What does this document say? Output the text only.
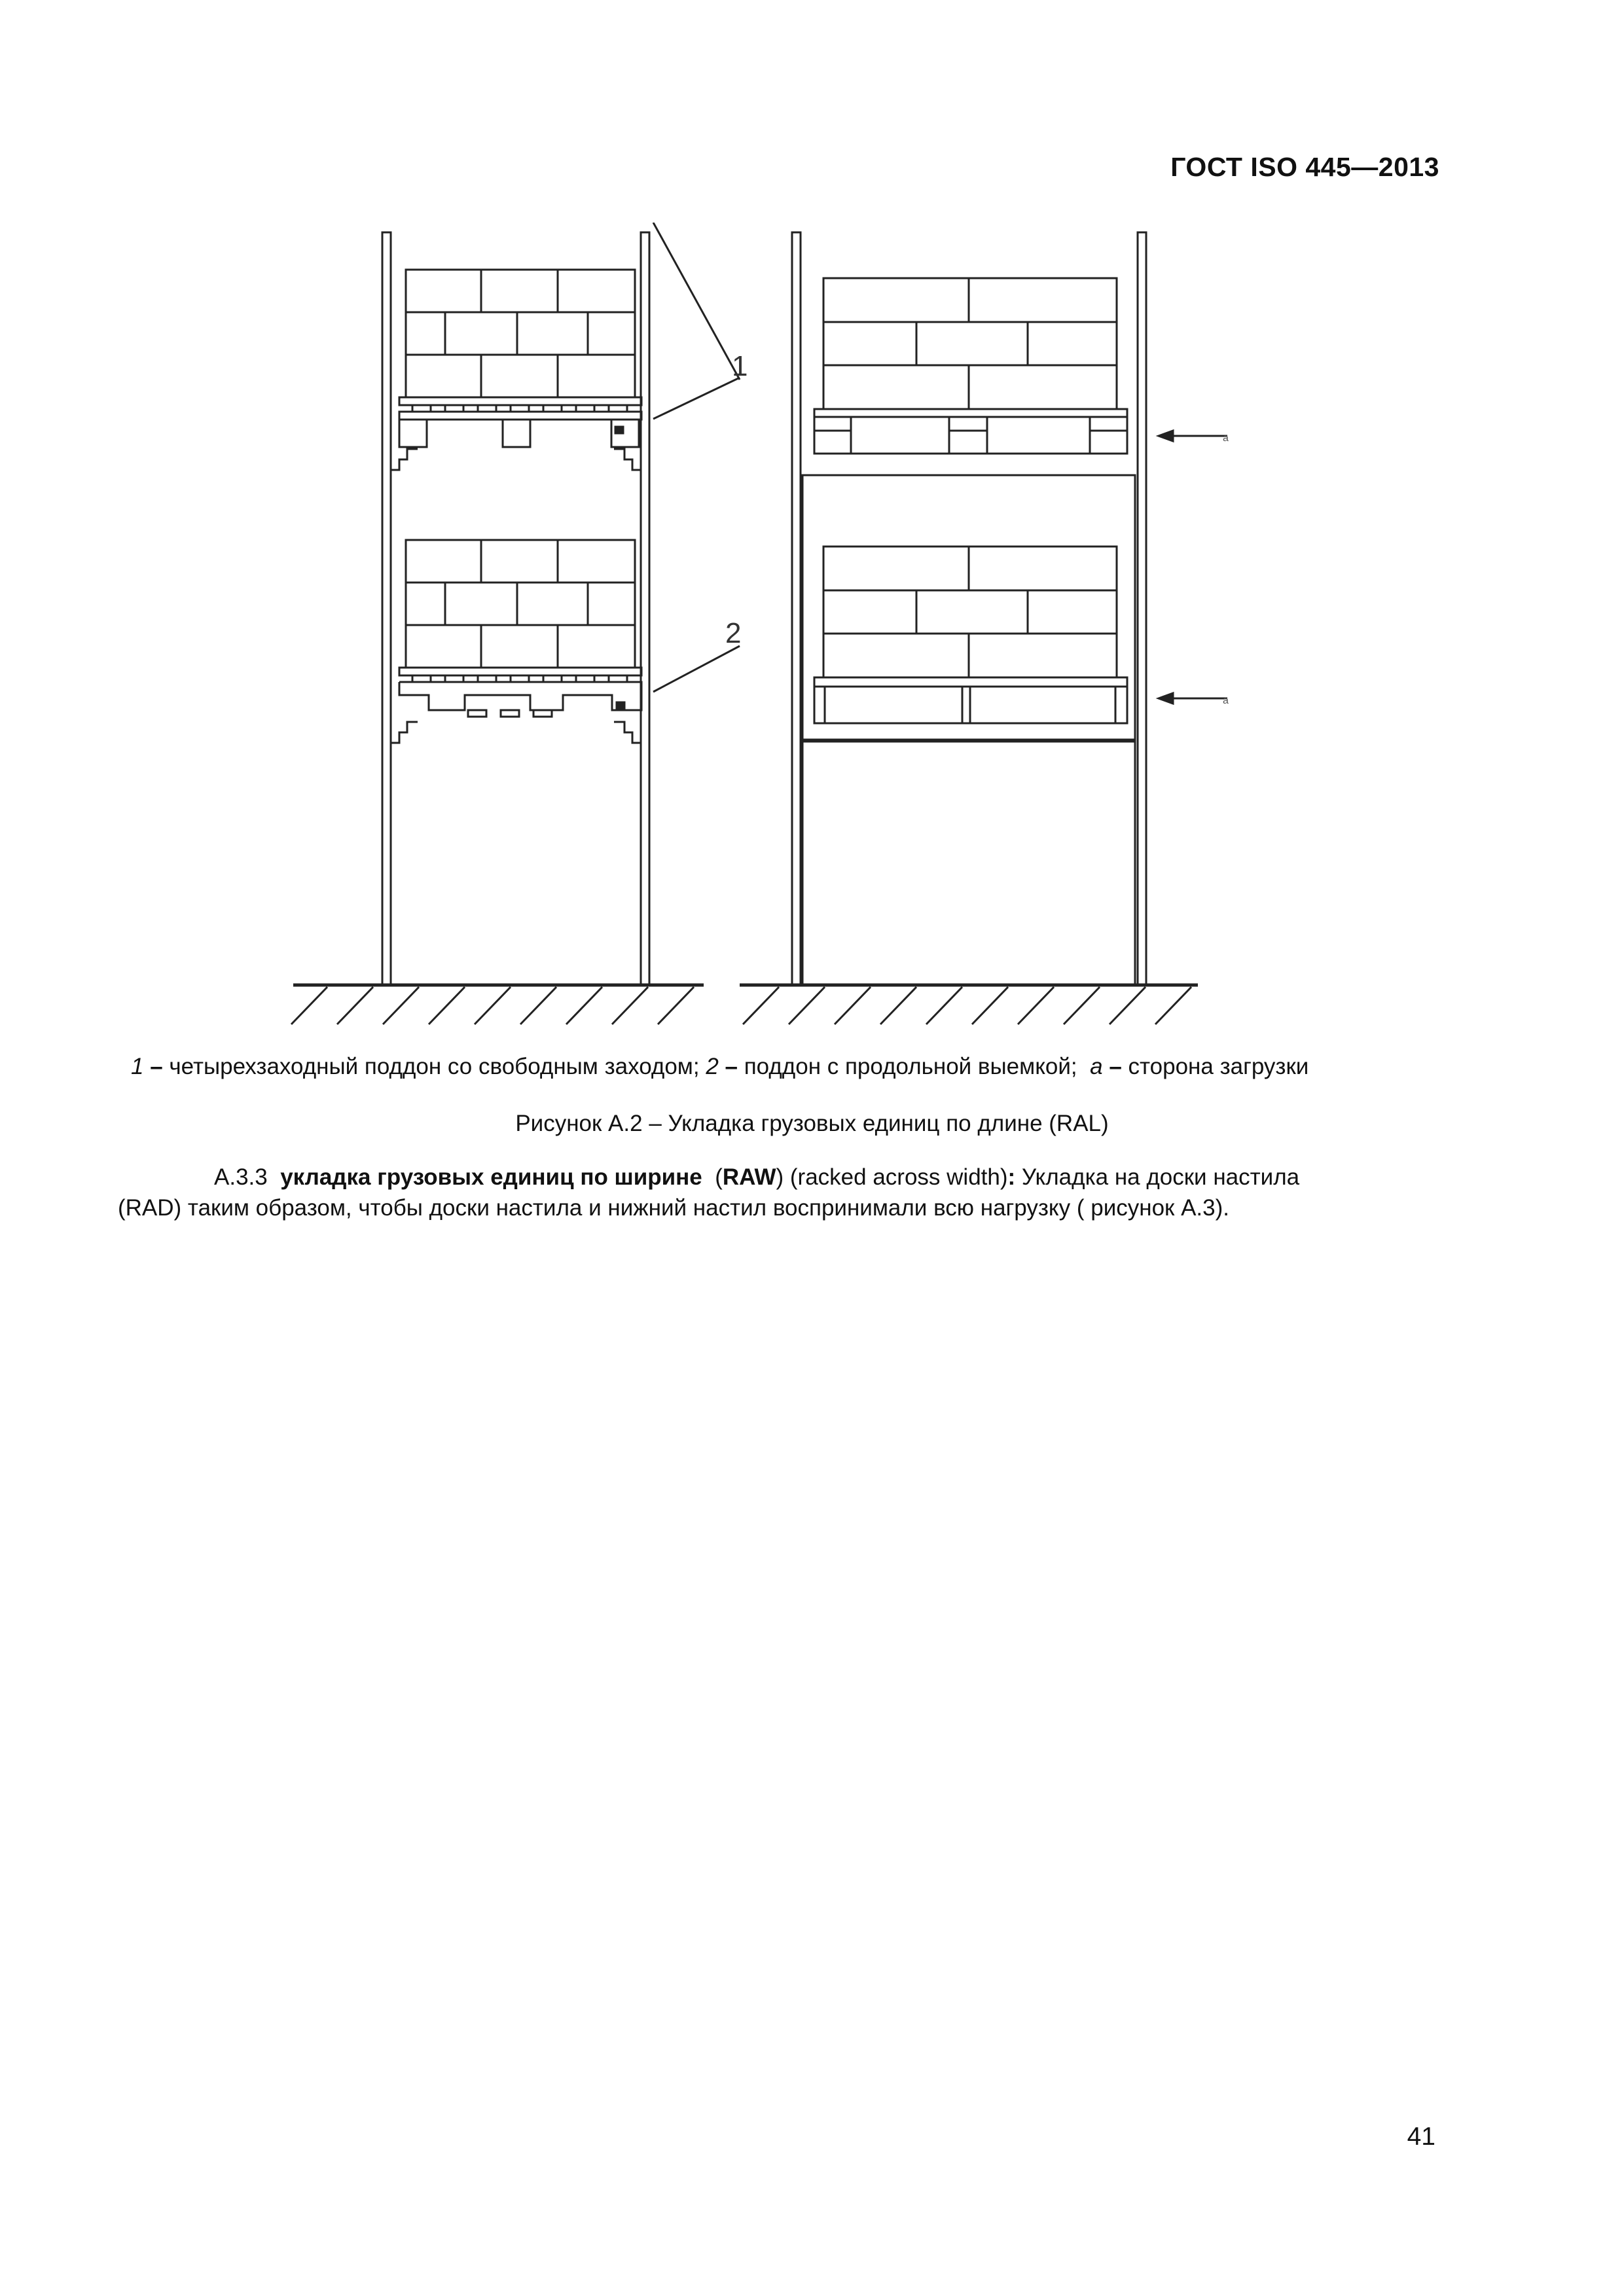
ГОСТ ISO 445—2013
1
2
a
a
1 – четырехзаходный поддон со свободным заходом; 2 – поддон с продольной выемкой; a – сторона загрузки
Рисунок А.2 – Укладка грузовых единиц по длине (RAL)
А.3.3 укладка грузовых единиц по ширине (RAW) (racked across width): Укладка на доски настила
(RAD) таким образом, чтобы доски настила и нижний настил воспринимали всю нагрузку ( рисунок А.3).
41
